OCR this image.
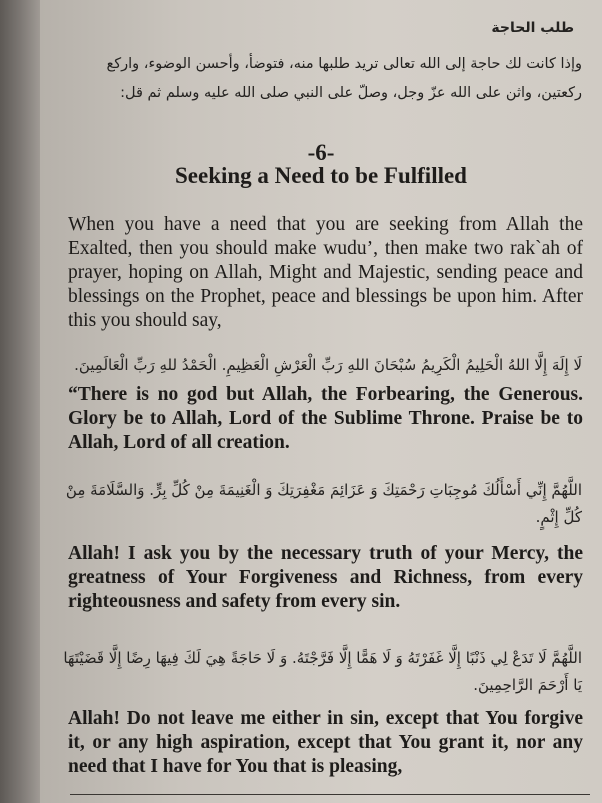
طلب الحاجة

وإذا كانت لك حاجة إلى الله تعالى تريد طلبها منه، فتوضأ، وأحسن الوضوء، واركع ركعتين، واثن على الله عزّ وجل، وصلّ على النبي صلى الله عليه وسلم ثم قل:

-6-
Seeking a Need to be Fulfilled

When you have a need that you are seeking from Allah the Exalted, then you should make wudu’, then make two rak`ah of prayer, hoping on Allah, Might and Majestic, sending peace and blessings on the Prophet, peace and blessings be upon him. After this you should say,

لَا إِلَهَ إِلَّا اللهُ الْحَلِيمُ الْكَرِيمُ سُبْحَانَ اللهِ رَبِّ الْعَرْشِ الْعَظِيمِ. الْحَمْدُ للهِ رَبِّ الْعَالَمِينَ.

“There is no god but Allah, the Forbearing, the Generous. Glory be to Allah, Lord of the Sublime Throne. Praise be to Allah, Lord of all creation.

اللَّهُمَّ إِنِّي أَسْأَلُكَ مُوجِبَاتِ رَحْمَتِكَ وَ عَزَائِمَ مَغْفِرَتِكَ وَ الْغَنِيمَةَ مِنْ كُلِّ بِرٍّ. وَالسَّلَامَةَ مِنْ كُلِّ إِثْمٍ.

Allah! I ask you by the necessary truth of your Mercy, the greatness of Your Forgiveness and Richness, from every righteousness and safety from every sin.

اللَّهُمَّ لَا تَدَعْ لِي ذَنْبًا إِلَّا غَفَرْتَهُ وَ لَا هَمًّا إِلَّا فَرَّجْتَهُ. وَ لَا حَاجَةً هِيَ لَكَ فِيهَا رِضًا إِلَّا قَضَيْتَهَا يَا أَرْحَمَ الرَّاحِمِينَ.

Allah! Do not leave me either in sin, except that You forgive it, or any high aspiration, except that You grant it, nor any need that I have for You that is pleasing,
